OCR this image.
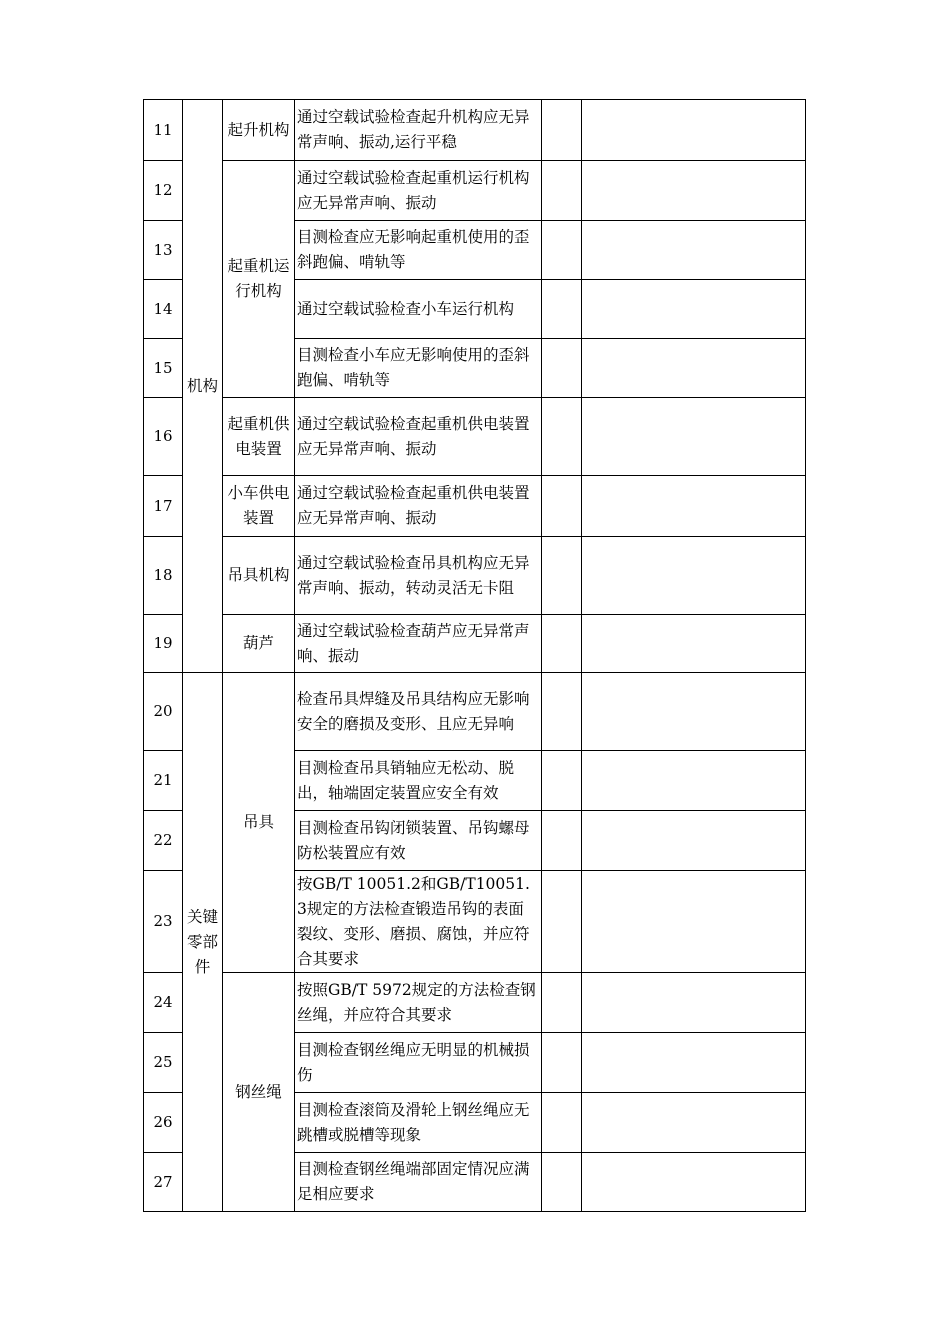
11	机构	起升机构	通过空载试验检查起升机构应无异常声响、振动,运行平稳		
12		起重机运行机构	通过空载试验检查起重机运行机构应无异常声响、振动		
13			目测检查应无影响起重机使用的歪斜跑偏、啃轨等		
14			通过空载试验检查小车运行机构		
15			目测检查小车应无影响使用的歪斜跑偏、啃轨等		
16		起重机供电装置	通过空载试验检查起重机供电装置应无异常声响、振动		
17		小车供电装置	通过空载试验检查起重机供电装置应无异常声响、振动		
18		吊具机构	通过空载试验检查吊具机构应无异常声响、振动，转动灵活无卡阻		
19		葫芦	通过空载试验检查葫芦应无异常声响、振动		
20	关键零部件	吊具	检查吊具焊缝及吊具结构应无影响安全的磨损及变形、且应无异响		
21			目测检查吊具销轴应无松动、脱出，轴端固定装置应安全有效		
22			目测检查吊钩闭锁装置、吊钩螺母防松装置应有效		
23			按GB/T 10051.2和GB/T10051.3规定的方法检查锻造吊钩的表面裂纹、变形、磨损、腐蚀，并应符合其要求		
24		钢丝绳	按照GB/T 5972规定的方法检查钢丝绳，并应符合其要求		
25			目测检查钢丝绳应无明显的机械损伤		
26			目测检查滚筒及滑轮上钢丝绳应无跳槽或脱槽等现象		
27			目测检查钢丝绳端部固定情况应满足相应要求		
